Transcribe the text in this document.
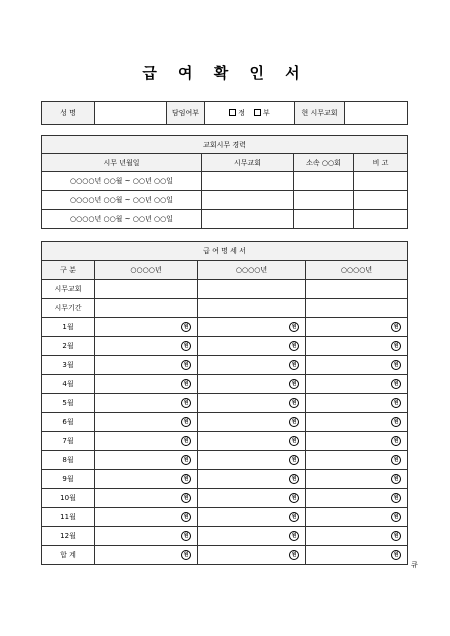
급 여 확 인 서
성 명		담임여부	정	부	현 시무교회	
교회시무 경력			
시무 년월일	시무교회	소속 ○○회	비 고
○○○○년 ○○월 ~ ○○년 ○○일			
○○○○년 ○○월 ~ ○○년 ○○일			
○○○○년 ○○월 ~ ○○년 ○○일			
급 여 명 세 서			
구 분	○○○○년	○○○○년	○○○○년
시무교회			
시무기간			
1월	원	원	원
2월	원	원	원
3월	원	원	원
4월	원	원	원
5월	원	원	원
6월	원	원	원
7월	원	원	원
8월	원	원	원
9월	원	원	원
10월	원	원	원
11월	원	원	원
12월	원	원	원
합 계	원	원	원
큐
